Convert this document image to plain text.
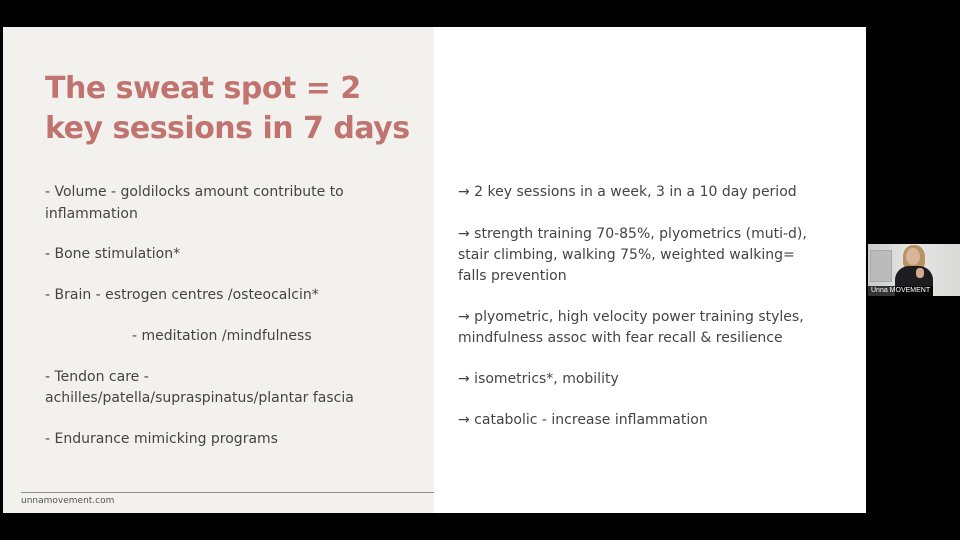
The sweat spot = 2 key sessions in 7 days

- Volume - goldilocks amount contribute to

inflammation

- Bone stimulation*

- Brain - estrogen centres /osteocalcin*

- meditation /mindfulness

- Tendon care -

achilles/patella/supraspinatus/plantar fascia

- Endurance mimicking programs

→ 2 key sessions in a week, 3 in a 10 day period

→ strength training 70-85%, plyometrics (muti-d),

stair climbing, walking 75%, weighted walking=

falls prevention

→ plyometric, high velocity power training styles,

mindfulness assoc with fear recall & resilience

→ isometrics*, mobility

→ catabolic - increase inflammation

unnamovement.com

Unna MOVEMENT
